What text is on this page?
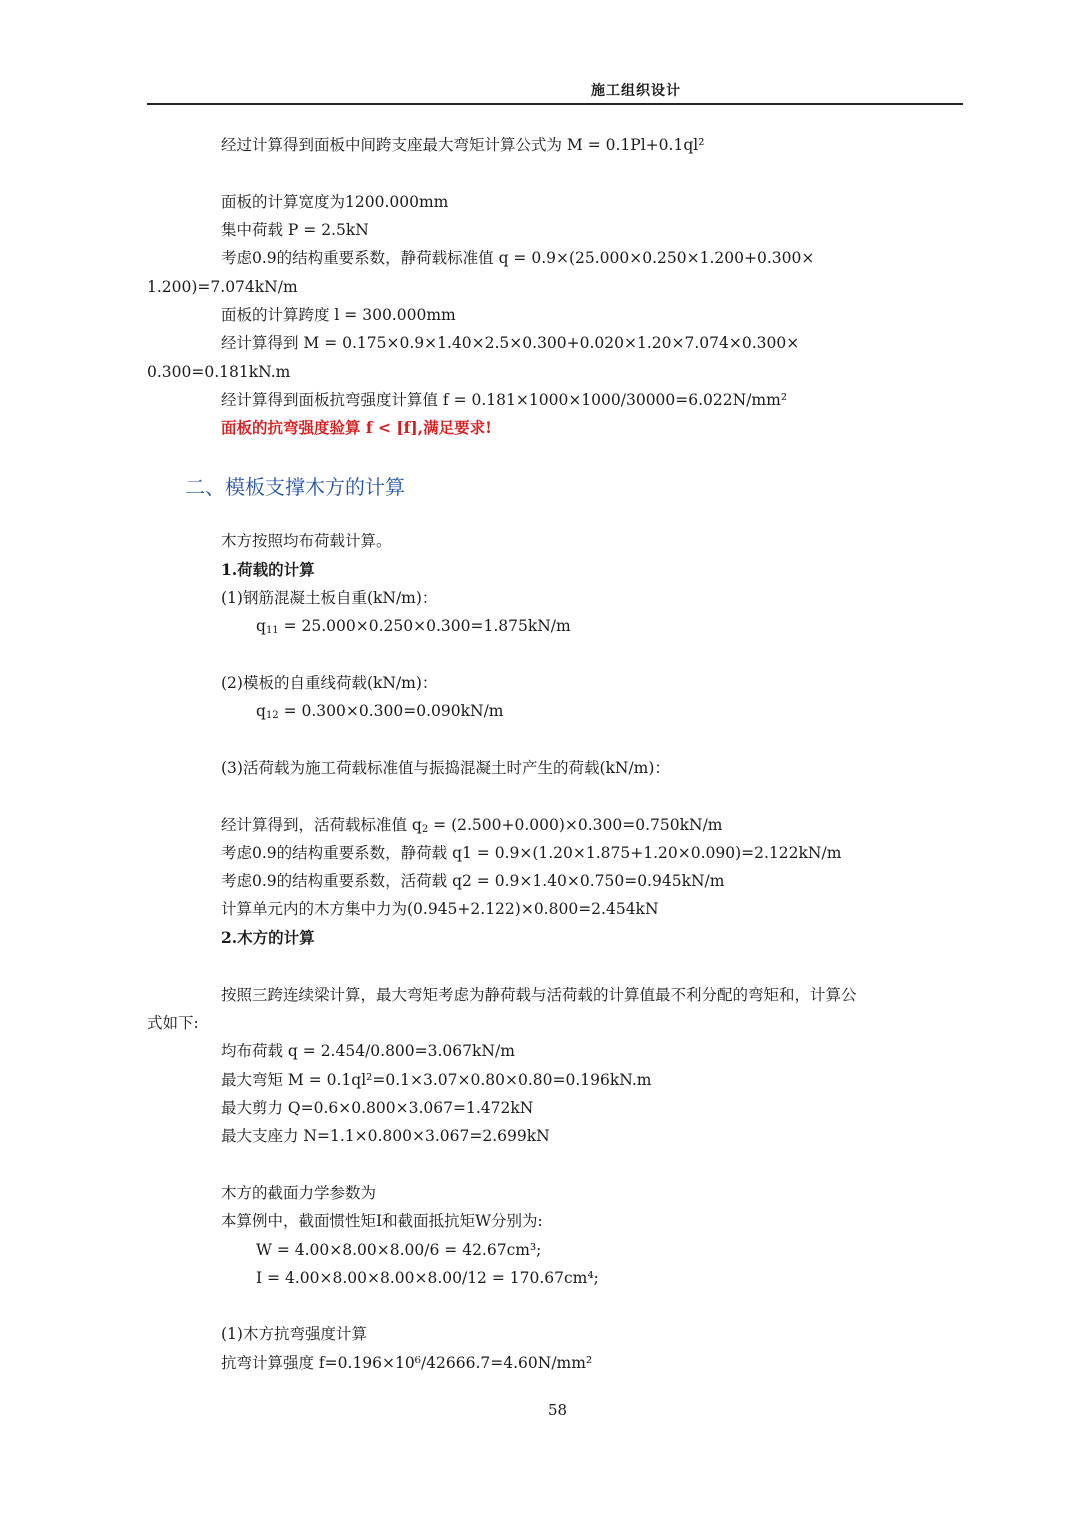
施工组织设计
经过计算得到面板中间跨支座最大弯矩计算公式为 M = 0.1Pl+0.1ql²
面板的计算宽度为1200.000mm
集中荷载 P = 2.5kN
考虑0.9的结构重要系数，静荷载标准值 q = 0.9×(25.000×0.250×1.200+0.300×
1.200)=7.074kN/m
面板的计算跨度 l = 300.000mm
经计算得到 M = 0.175×0.9×1.40×2.5×0.300+0.020×1.20×7.074×0.300×
0.300=0.181kN.m
经计算得到面板抗弯强度计算值 f = 0.181×1000×1000/30000=6.022N/mm²
面板的抗弯强度验算 f < [f],满足要求!
二、模板支撑木方的计算
木方按照均布荷载计算。
1.荷载的计算
(1)钢筋混凝土板自重(kN/m)：
$q_{11} = 25.000\times 0.250\times 0.300=1.875kN/m$
(2)模板的自重线荷载(kN/m)：
$q_{12} = 0.300\times 0.300=0.090kN/m$
(3)活荷载为施工荷载标准值与振捣混凝土时产生的荷载(kN/m)：
经计算得到，活荷载标准值 $q_2 = (2.500+0.000)\times 0.300=0.750kN/m$
考虑0.9的结构重要系数，静荷载 q1 = 0.9×(1.20×1.875+1.20×0.090)=2.122kN/m
考虑0.9的结构重要系数，活荷载 q2 = 0.9×1.40×0.750=0.945kN/m
计算单元内的木方集中力为(0.945+2.122)×0.800=2.454kN
2.木方的计算
按照三跨连续梁计算，最大弯矩考虑为静荷载与活荷载的计算值最不利分配的弯矩和，计算公
式如下:
均布荷载 q = 2.454/0.800=3.067kN/m
最大弯矩 M = 0.1ql²=0.1×3.07×0.80×0.80=0.196kN.m
最大剪力 Q=0.6×0.800×3.067=1.472kN
最大支座力 N=1.1×0.800×3.067=2.699kN
木方的截面力学参数为
本算例中，截面惯性矩I和截面抵抗矩W分别为:
W = 4.00×8.00×8.00/6 = 42.67cm³;
I = 4.00×8.00×8.00×8.00/12 = 170.67cm⁴;
(1)木方抗弯强度计算
抗弯计算强度 f=0.196×10⁶/42666.7=4.60N/mm²
58
